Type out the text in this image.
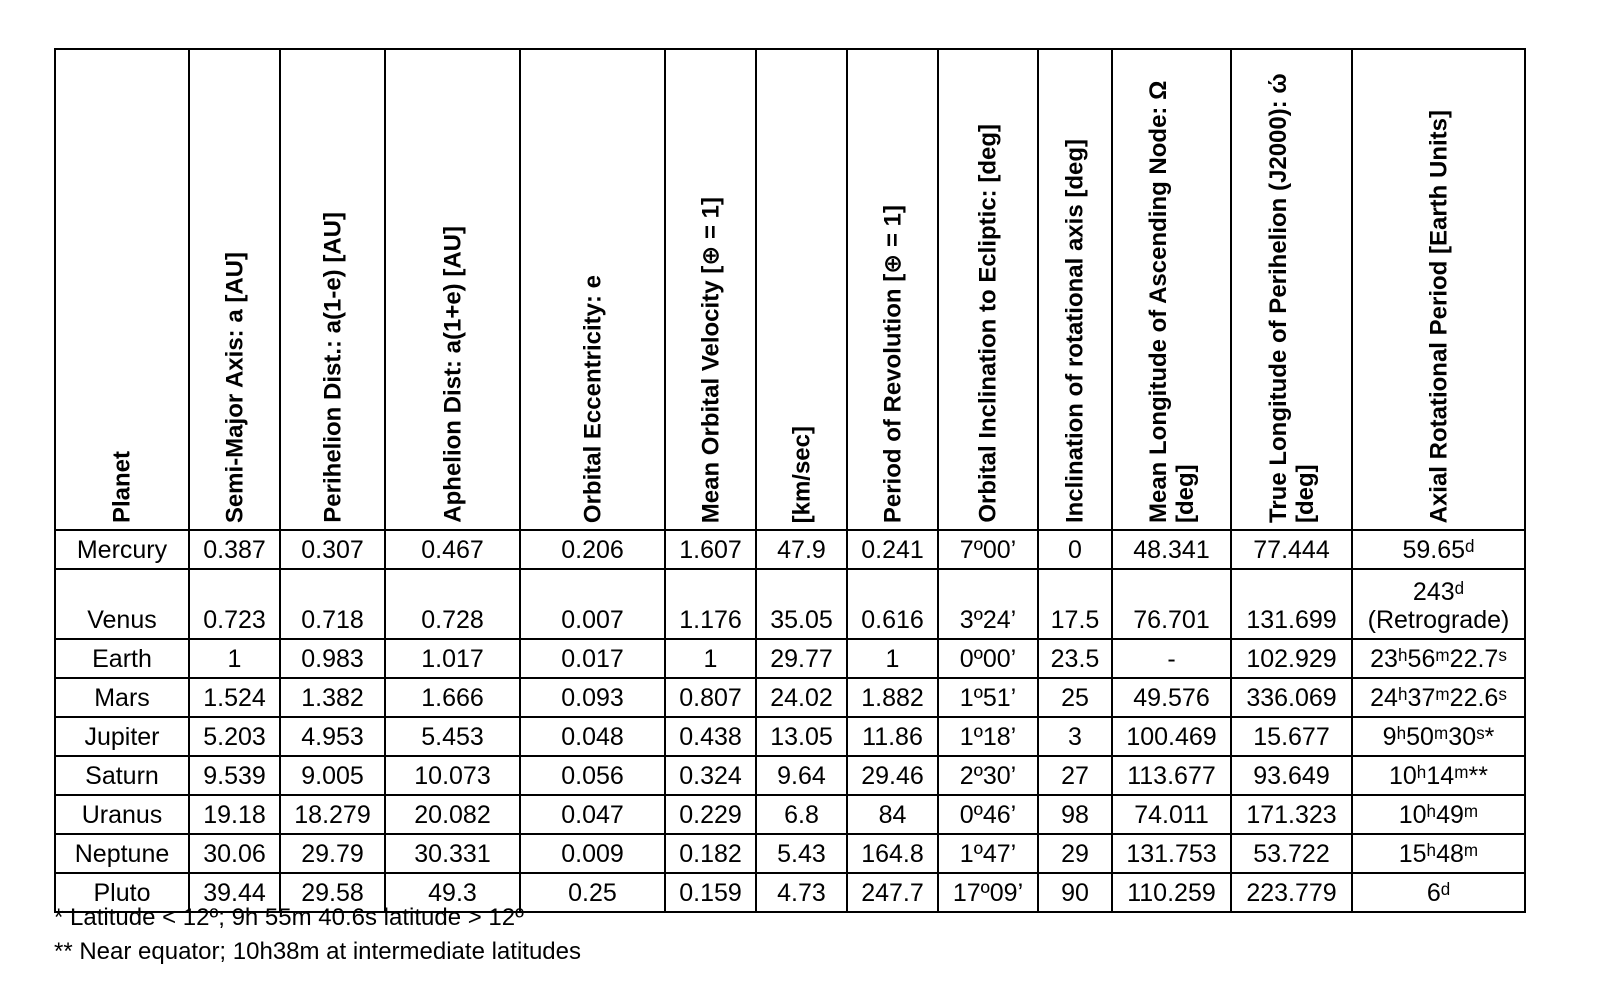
Planet	Semi-Major Axis: a [AU]	Perihelion Dist.: a(1-e) [AU]	Aphelion Dist: a(1+e) [AU]	Orbital Eccentricity: e	Mean Orbital Velocity [⊕ = 1]	[km/sec]	Period of Revolution [⊕ = 1]	Orbital Inclination to Ecliptic: [deg]	Inclination of rotational axis [deg]	Mean Longitude of Ascending Node: Ω [deg]	True Longitude of Perihelion (J2000): ώ [deg]	Axial Rotational Period [Earth Units]

Mercury	0.387	0.307	0.467	0.206	1.607	47.9	0.241	7º00’	0	48.341	77.444	59.65ᵈ
Venus	0.723	0.718	0.728	0.007	1.176	35.05	0.616	3º24’	17.5	76.701	131.699	243ᵈ
(Retrograde)
Earth	1	0.983	1.017	0.017	1	29.77	1	0º00’	23.5	-	102.929	23ʰ56ᵐ22.7ˢ
Mars	1.524	1.382	1.666	0.093	0.807	24.02	1.882	1º51’	25	49.576	336.069	24ʰ37ᵐ22.6ˢ
Jupiter	5.203	4.953	5.453	0.048	0.438	13.05	11.86	1º18’	3	100.469	15.677	9ʰ50ᵐ30ˢ*
Saturn	9.539	9.005	10.073	0.056	0.324	9.64	29.46	2º30’	27	113.677	93.649	10ʰ14ᵐ**
Uranus	19.18	18.279	20.082	0.047	0.229	6.8	84	0º46’	98	74.011	171.323	10ʰ49ᵐ
Neptune	30.06	29.79	30.331	0.009	0.182	5.43	164.8	1º47’	29	131.753	53.722	15ʰ48ᵐ
Pluto	39.44	29.58	49.3	0.25	0.159	4.73	247.7	17º09’	90	110.259	223.779	6ᵈ
* Latitude < 12º; 9h 55m 40.6s latitude > 12º
** Near equator; 10h38m at intermediate latitudes
